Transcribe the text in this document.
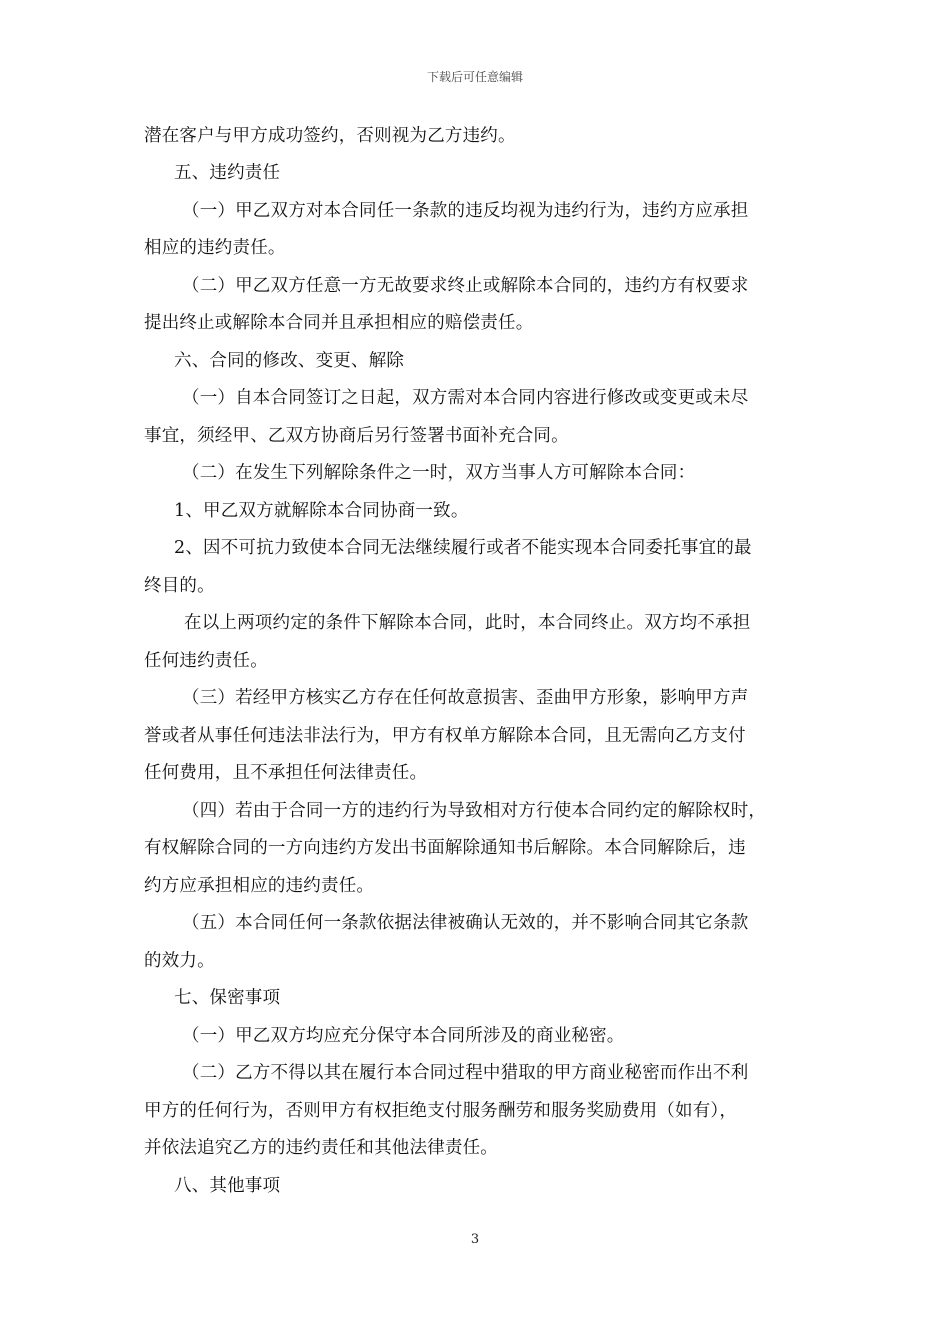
下载后可任意编辑
潜在客户与甲方成功签约，否则视为乙方违约。
五、违约责任
（一）甲乙双方对本合同任一条款的违反均视为违约行为，违约方应承担
相应的违约责任。
（二）甲乙双方任意一方无故要求终止或解除本合同的，违约方有权要求
提出终止或解除本合同并且承担相应的赔偿责任。
六、合同的修改、变更、解除
（一）自本合同签订之日起，双方需对本合同内容进行修改或变更或未尽
事宜，须经甲、乙双方协商后另行签署书面补充合同。
（二）在发生下列解除条件之一时，双方当事人方可解除本合同：
1、甲乙双方就解除本合同协商一致。
2、因不可抗力致使本合同无法继续履行或者不能实现本合同委托事宜的最
终目的。
在以上两项约定的条件下解除本合同，此时，本合同终止。双方均不承担
任何违约责任。
（三）若经甲方核实乙方存在任何故意损害、歪曲甲方形象，影响甲方声
誉或者从事任何违法非法行为，甲方有权单方解除本合同，且无需向乙方支付
任何费用，且不承担任何法律责任。
（四）若由于合同一方的违约行为导致相对方行使本合同约定的解除权时，
有权解除合同的一方向违约方发出书面解除通知书后解除。本合同解除后，违
约方应承担相应的违约责任。
（五）本合同任何一条款依据法律被确认无效的，并不影响合同其它条款
的效力。
七、保密事项
（一）甲乙双方均应充分保守本合同所涉及的商业秘密。
（二）乙方不得以其在履行本合同过程中猎取的甲方商业秘密而作出不利
甲方的任何行为，否则甲方有权拒绝支付服务酬劳和服务奖励费用（如有），
并依法追究乙方的违约责任和其他法律责任。
八、其他事项
3
